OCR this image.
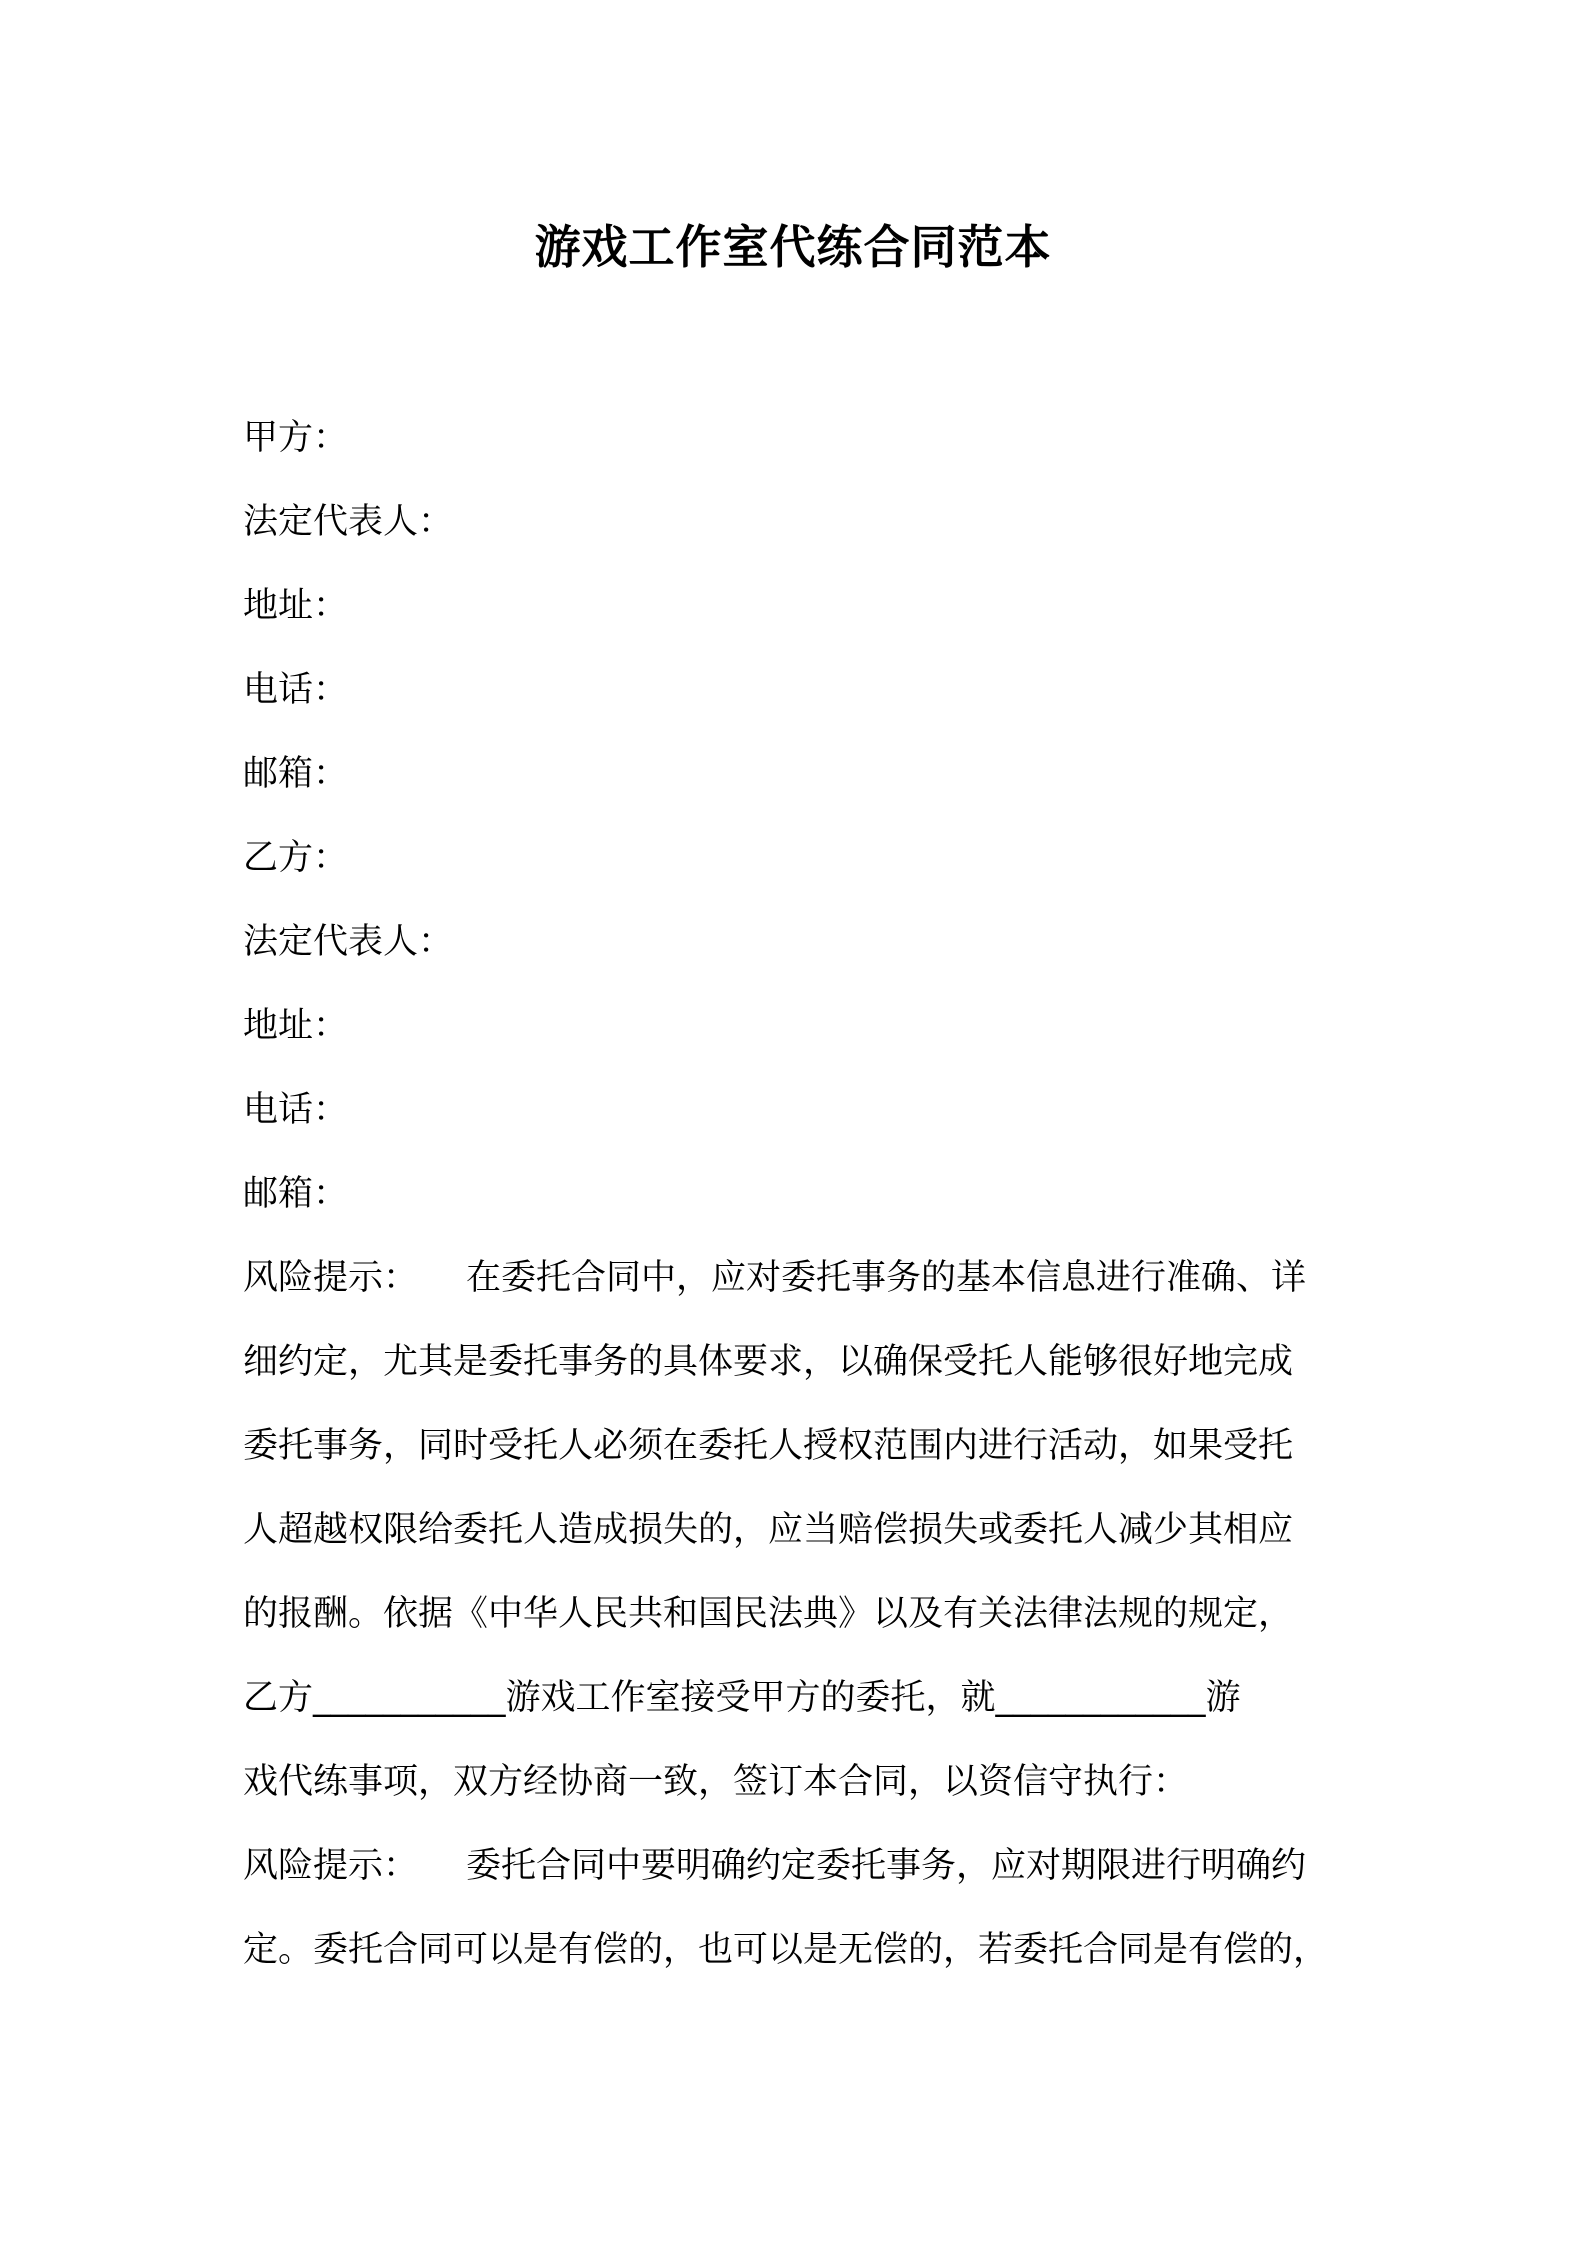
游戏工作室代练合同范本
甲方：
法定代表人：
地址：
电话：
邮箱：
乙方：
法定代表人：
地址：
电话：
邮箱：
风险提示： 在委托合同中，应对委托事务的基本信息进行准确、详
细约定，尤其是委托事务的具体要求，以确保受托人能够很好地完成
委托事务，同时受托人必须在委托人授权范围内进行活动，如果受托
人超越权限给委托人造成损失的，应当赔偿损失或委托人减少其相应
的报酬。依据《中华人民共和国民法典》以及有关法律法规的规定，
乙方___________游戏工作室接受甲方的委托，就____________游
戏代练事项，双方经协商一致，签订本合同，以资信守执行：
风险提示： 委托合同中要明确约定委托事务，应对期限进行明确约
定。委托合同可以是有偿的，也可以是无偿的，若委托合同是有偿的，
